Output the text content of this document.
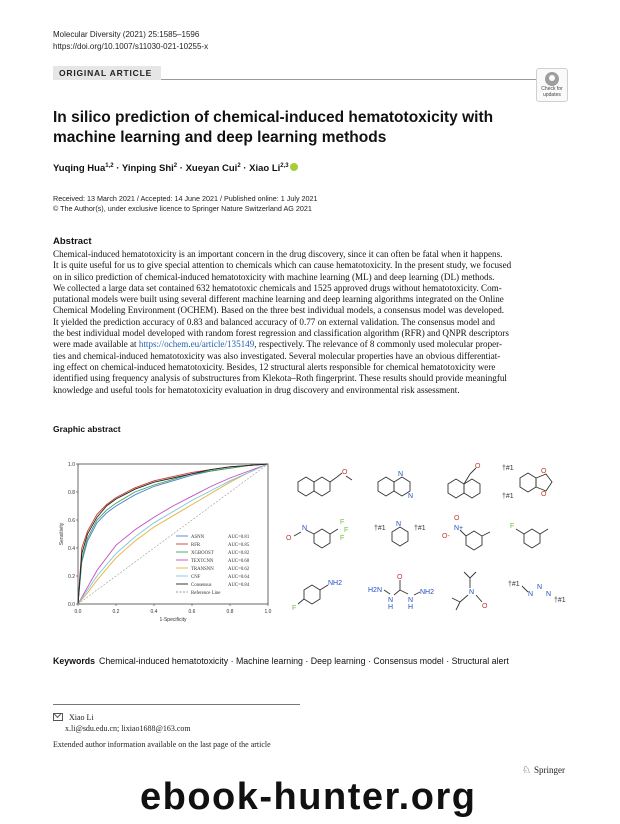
Molecular Diversity (2021) 25:1585–1596
https://doi.org/10.1007/s11030-021-10255-x
ORIGINAL ARTICLE
Check for
updates
In silico prediction of chemical-induced hematotoxicity with machine learning and deep learning methods
Yuqing Hua$^{1,2}$ · Yinping Shi$^2$ · Xueyan Cui$^2$ · Xiao Li$^{2,3}$
Received: 13 March 2021 / Accepted: 14 June 2021 / Published online: 1 July 2021
© The Author(s), under exclusive licence to Springer Nature Switzerland AG 2021
Abstract
Chemical-induced hematotoxicity is an important concern in the drug discovery, since it can often be fatal when it happens.
It is quite useful for us to give special attention to chemicals which can cause hematotoxicity. In the present study, we focused
on in silico prediction of chemical-induced hematotoxicity with machine learning (ML) and deep learning (DL) methods.
We collected a large data set contained 632 hematotoxic chemicals and 1525 approved drugs without hematotoxicity. Com-
putational models were built using several different machine learning and deep learning algorithms integrated on the Online
Chemical Modeling Environment (OCHEM). Based on the three best individual models, a consensus model was developed.
It yielded the prediction accuracy of 0.83 and balanced accuracy of 0.77 on external validation. The consensus model and
the best individual model developed with random forest regression and classification algorithm (RFR) and QNPR descriptors
were made available at https://ochem.eu/article/135149, respectively. The relevance of 8 commonly used molecular proper-
ties and chemical-induced hematotoxicity was also investigated. Several molecular properties have an obvious differentiat-
ing effect on chemical-induced hematotoxicity. Besides, 12 structural alerts responsible for chemical hematotoxicity were
identified using frequency analysis of substructures from Klekota–Roth fingerprint. These results should provide meaningful
knowledge and useful tools for hematotoxicity evaluation in drug discovery and environmental risk assessment.
Graphic abstract
0.0	0.2	0.4	0.6	0.8	1.0
0.0
0.2
0.4
0.6
0.8
1.0
1-Specificity
Sensitivity	ASNN	AUC=0.81
RFR	AUC=0.85
XGBOOST	AUC=0.82
TEXTCNN	AUC=0.68
TRANSNN	AUC=0.62
CNF	AUC=0.64
Consensus	AUC=0.84
Reference Line
O	N
N
O
O
O
†#1
†#1
N
O
F
F
F
†#1	†#1
N
N+
O
O-
F
NH2
F
H2N
N
H
O
N
H
NH2	N
O
†#1
N
N
N
†#1
Keywords Chemical-induced hematotoxicity · Machine learning · Deep learning · Consensus model · Structural alert
Xiao Li
x.li@sdu.edu.cn; lixiao1688@163.com
Extended author information available on the last page of the article
♘ Springer
ebook-hunter.org
